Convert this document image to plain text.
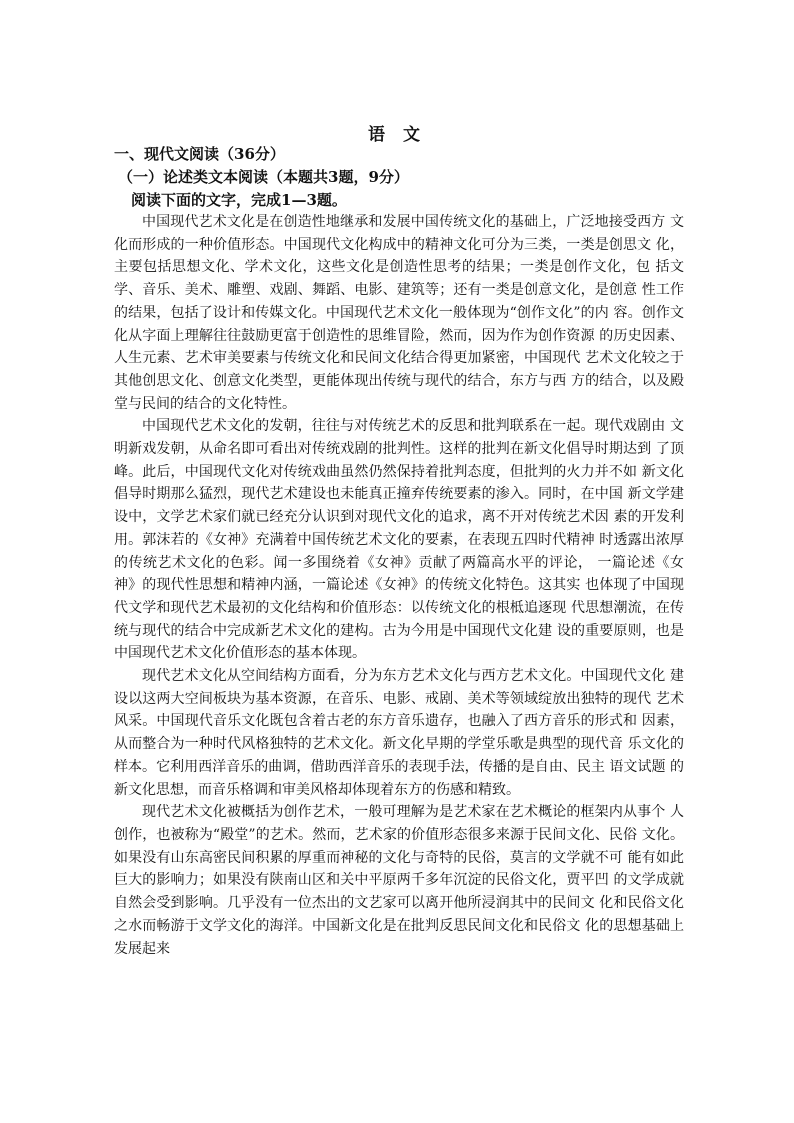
语 文
一、现代文阅读（36分）
（一）论述类文本阅读（本题共3题，9分）
阅读下面的文字，完成1—3题。

中国现代艺术文化是在创造性地继承和发展中国传统文化的基础上，广泛地接受西方 文化而形成的一种价值形态。中国现代文化构成中的精神文化可分为三类，一类是创思文 化，主要包括思想文化、学术文化，这些文化是创造性思考的结果；一类是创作文化，包 括文学、音乐、美术、雕塑、戏剧、舞蹈、电影、建筑等；还有一类是创意文化，是创意 性工作的结果，包括了设计和传媒文化。中国现代艺术文化一般体现为“创作文化”的内 容。创作文化从字面上理解往往鼓励更富于创造性的思维冒险，然而，因为作为创作资源 的历史因素、人生元素、艺术审美要素与传统文化和民间文化结合得更加紧密，中国现代 艺术文化较之于其他创思文化、创意文化类型，更能体现出传统与现代的结合，东方与西 方的结合，以及殿堂与民间的结合的文化特性。

中国现代艺术文化的发朝，往往与对传统艺术的反思和批判联系在一起。现代戏剧由 文明新戏发朝，从命名即可看出对传统戏剧的批判性。这样的批判在新文化倡导时期达到 了顶峰。此后，中国现代文化对传统戏曲虽然仍然保持着批判态度，但批判的火力并不如 新文化倡导时期那么猛烈，现代艺术建设也未能真正撞弃传统要素的渗入。同时，在中国 新文学建设中，文学艺术家们就已经充分认识到对现代文化的追求，离不开对传统艺术因 素的开发利用。郭沫若的《女神》充满着中国传统艺术文化的要素，在表现五四时代精神 时透露出浓厚的传统艺术文化的色彩。闻一多围绕着《女神》贡献了两篇高水平的评论， 一篇论述《女神》的现代性思想和精神内涵，一篇论述《女神》的传统文化特色。这其实 也体现了中国现代文学和现代艺术最初的文化结构和价值形态：以传统文化的根柢追逐现 代思想潮流，在传统与现代的结合中完成新艺术文化的建构。古为今用是中国现代文化建 设的重要原则，也是中国现代艺术文化价值形态的基本体现。

现代艺术文化从空间结构方面看，分为东方艺术文化与西方艺术文化。中国现代文化 建设以这两大空间板块为基本资源，在音乐、电影、戒剧、美术等领域绽放出独特的现代 艺术风采。中国现代音乐文化既包含着古老的东方音乐遗存，也融入了西方音乐的形式和 因素，从而整合为一种时代风格独特的艺术文化。新文化早期的学堂乐歌是典型的现代音 乐文化的样本。它利用西洋音乐的曲调，借助西洋音乐的表现手法，传播的是自由、民主 语文试题 的新文化思想，而音乐格调和审美风格却体现着东方的伤感和精致。

现代艺术文化被概括为创作艺术，一般可理解为是艺术家在艺术概论的框架内从事个 人创作，也被称为“殿堂”的艺术。然而，艺术家的价值形态很多来源于民间文化、民俗 文化。如果没有山东高密民间积累的厚重而神秘的文化与奇特的民俗，莫言的文学就不可 能有如此巨大的影响力；如果没有陕南山区和关中平原两千多年沉淀的民俗文化，贾平凹 的文学成就自然会受到影响。几乎没有一位杰出的文艺家可以离开他所浸润其中的民间文 化和民俗文化之水而畅游于文学文化的海洋。中国新文化是在批判反思民间文化和民俗文 化的思想基础上发展起来
